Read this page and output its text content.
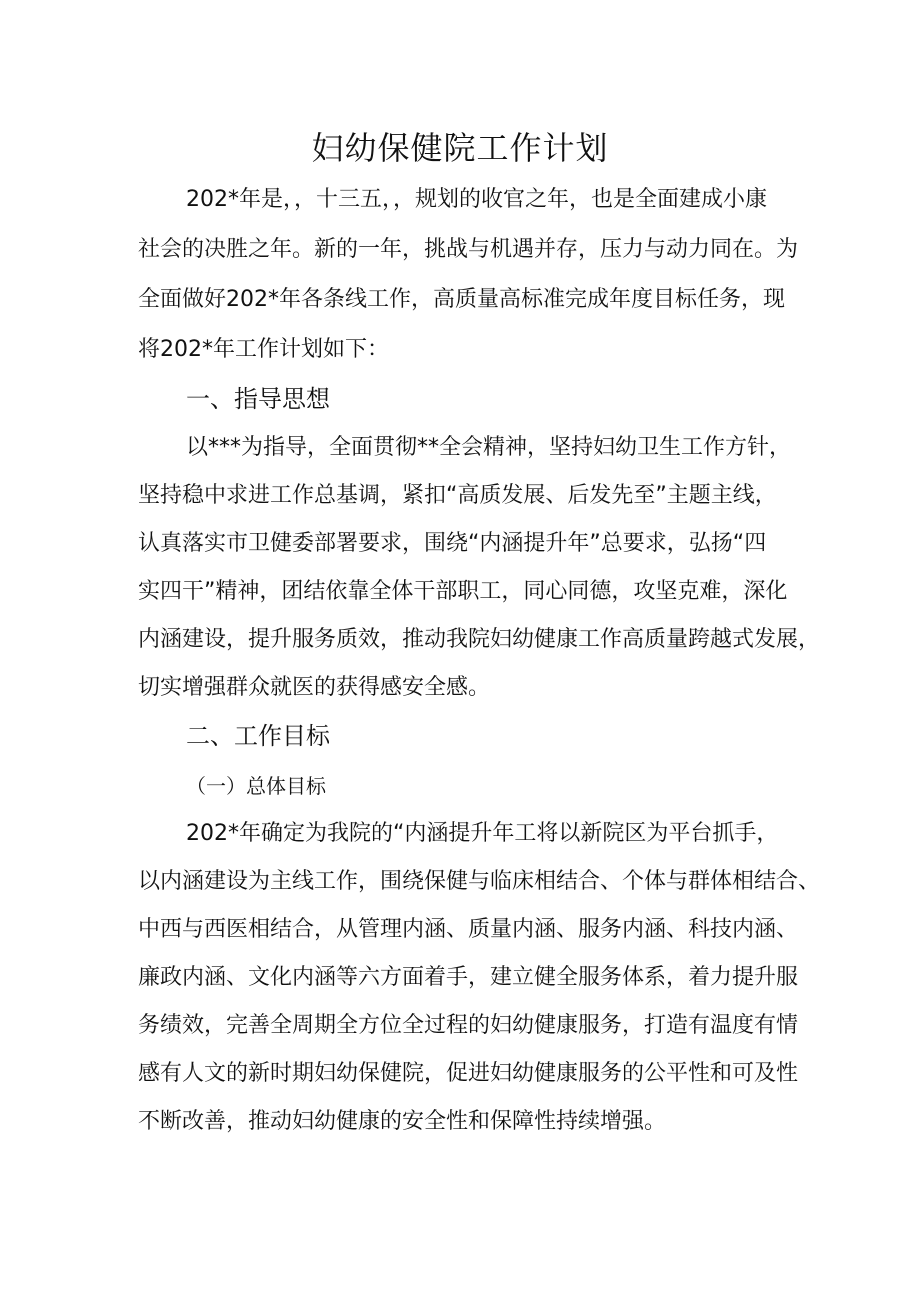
妇幼保健院工作计划

202*年是，，十三五，，规划的收官之年，也是全面建成小康

社会的决胜之年。新的一年，挑战与机遇并存，压力与动力同在。为

全面做好202*年各条线工作，高质量高标准完成年度目标任务，现

将202*年工作计划如下：

一、指导思想

以***为指导，全面贯彻**全会精神，坚持妇幼卫生工作方针，

坚持稳中求进工作总基调，紧扣“高质发展、后发先至”主题主线，

认真落实市卫健委部署要求，围绕“内涵提升年”总要求，弘扬“四

实四干”精神，团结依靠全体干部职工，同心同德，攻坚克难，深化

内涵建设，提升服务质效，推动我院妇幼健康工作高质量跨越式发展，

切实增强群众就医的获得感安全感。

二、工作目标

（一）总体目标

202*年确定为我院的“内涵提升年工将以新院区为平台抓手，

以内涵建设为主线工作，围绕保健与临床相结合、个体与群体相结合、

中西与西医相结合，从管理内涵、质量内涵、服务内涵、科技内涵、

廉政内涵、文化内涵等六方面着手，建立健全服务体系，着力提升服

务绩效，完善全周期全方位全过程的妇幼健康服务，打造有温度有情

感有人文的新时期妇幼保健院，促进妇幼健康服务的公平性和可及性

不断改善，推动妇幼健康的安全性和保障性持续增强。
